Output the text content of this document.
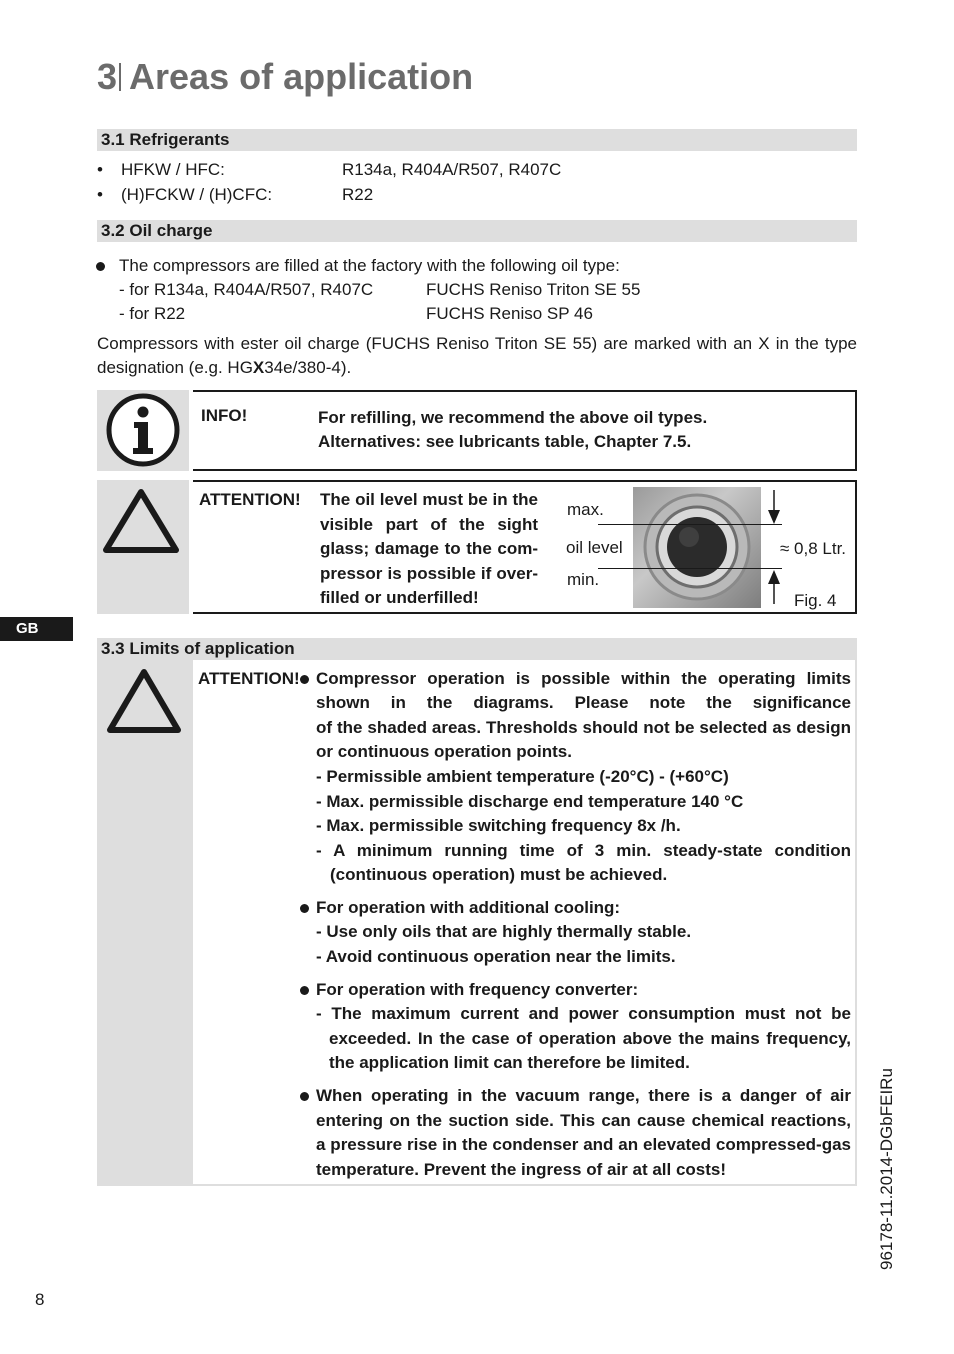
3 Areas of application
3.1 Refrigerants
• HFKW / HFC:	R134a, R404A/R507, R407C
• (H)FCKW / (H)CFC:	R22
3.2 Oil charge
The compressors are filled at the factory with the following oil type:
- for R134a, R404A/R507, R407C	FUCHS Reniso Triton SE 55
- for R22	FUCHS Reniso SP 46
Compressors with ester oil charge (FUCHS Reniso Triton SE 55) are marked with an X in the type
designation (e.g. HGX34e/380-4).
INFO!	For refilling, we recommend the above oil types.
Alternatives: see lubricants table, Chapter 7.5.
ATTENTION! The oil level must be in the
visible part of the sight
glass; damage to the com-
pressor is possible if over-
filled or underfilled!
max.
oil level
min.
≈ 0,8 Ltr.
Fig. 4
GB
3.3 Limits of application
ATTENTION! Compressor operation is possible within the operating limits
shown in the diagrams. Please note the significance
of the shaded areas. Thresholds should not be selected as design
or continuous operation points.
- Permissible ambient temperature (-20°C) - (+60°C)
- Max. permissible discharge end temperature 140 °C
- Max. permissible switching frequency 8x /h.
- A minimum running time of 3 min. steady-state condition
(continuous operation) must be achieved.
For operation with additional cooling:
- Use only oils that are highly thermally stable.
- Avoid continuous operation near the limits.
For operation with frequency converter:
- The maximum current and power consumption must not be
exceeded. In the case of operation above the mains frequency,
the application limit can therefore be limited.
When operating in the vacuum range, there is a danger of air
entering on the suction side. This can cause chemical reactions,
a pressure rise in the condenser and an elevated compressed-gas
temperature. Prevent the ingress of air at all costs!	96178-11.2014-DGbFEIRu
8
